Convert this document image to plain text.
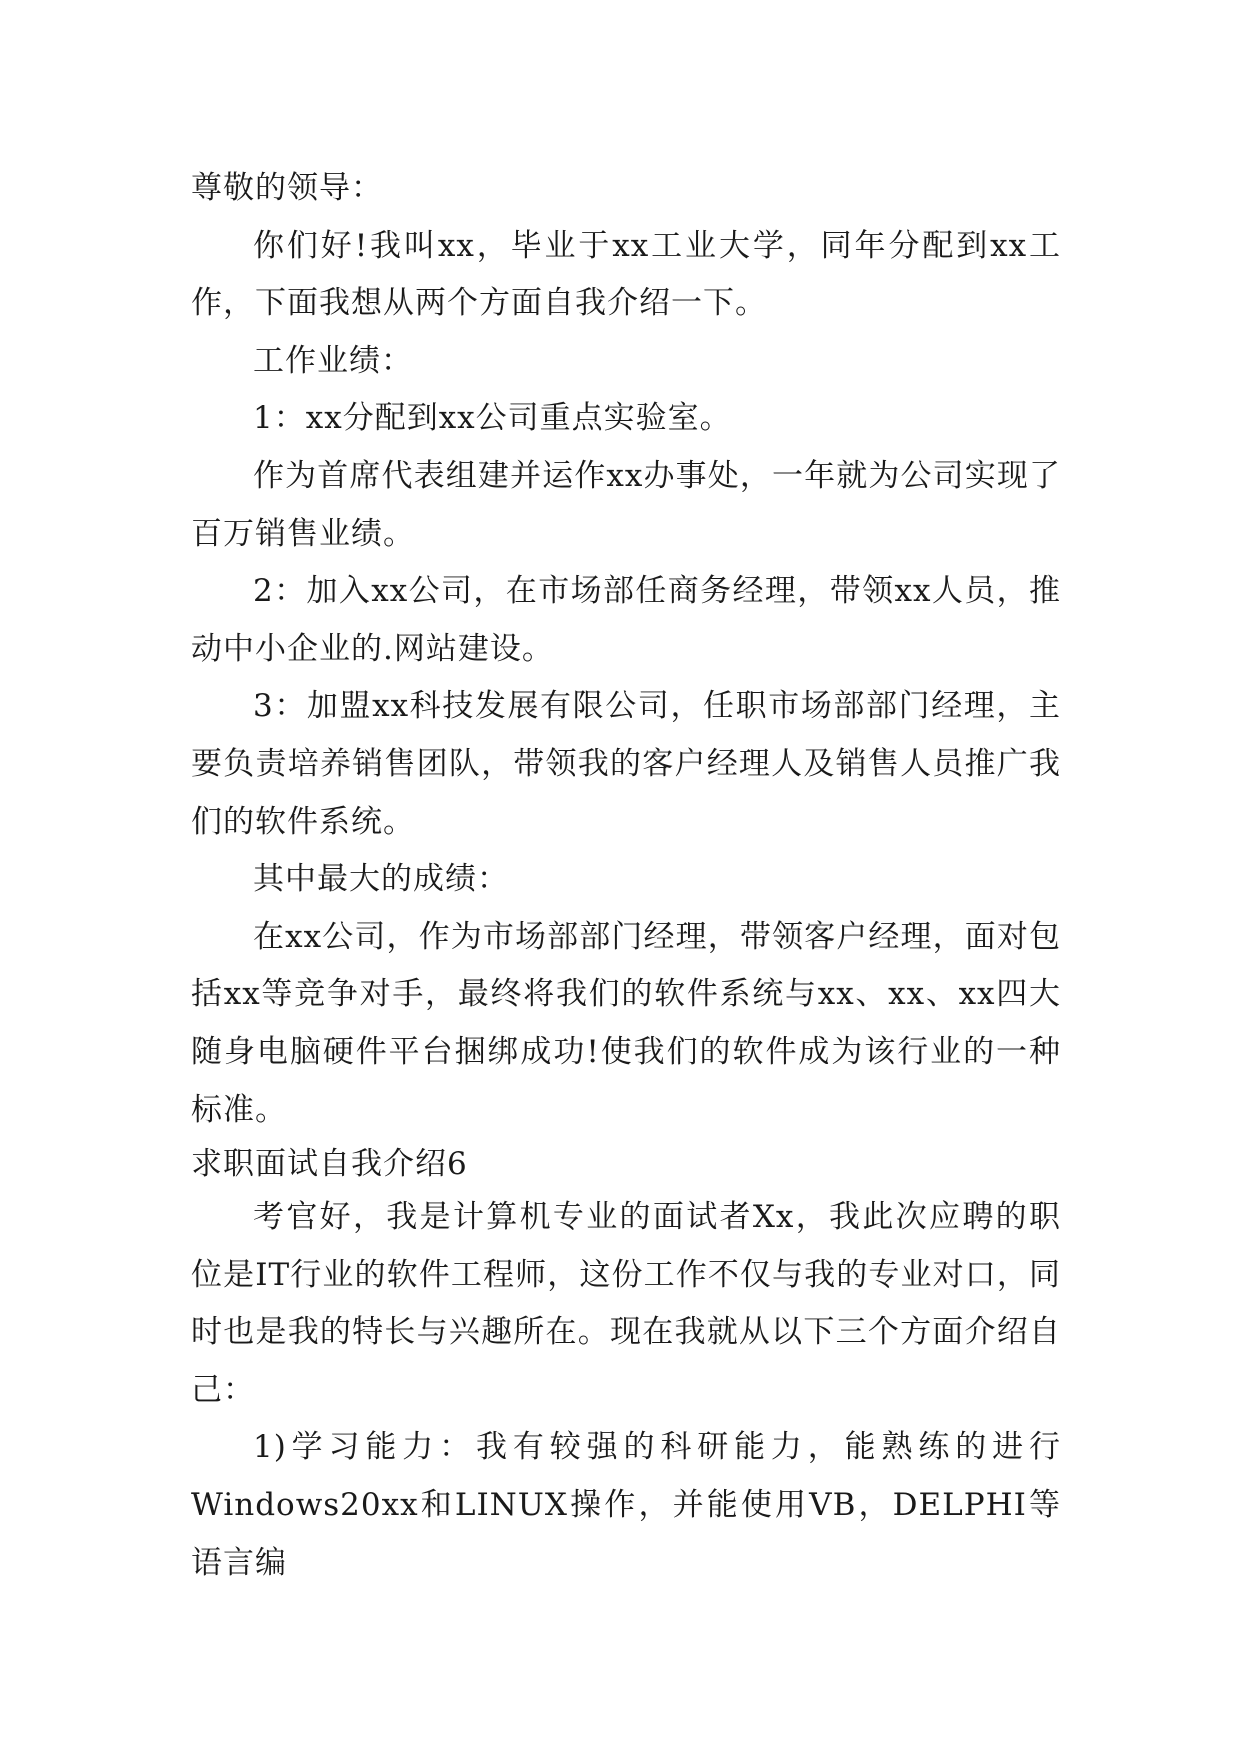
尊敬的领导：

你们好!我叫xx，毕业于xx工业大学，同年分配到xx工作，下面我想从两个方面自我介绍一下。

工作业绩：

1：xx分配到xx公司重点实验室。

作为首席代表组建并运作xx办事处，一年就为公司实现了百万销售业绩。

2：加入xx公司，在市场部任商务经理，带领xx人员，推动中小企业的.网站建设。

3：加盟xx科技发展有限公司，任职市场部部门经理，主要负责培养销售团队，带领我的客户经理人及销售人员推广我们的软件系统。

其中最大的成绩：

在xx公司，作为市场部部门经理，带领客户经理，面对包括xx等竞争对手，最终将我们的软件系统与xx、xx、xx四大随身电脑硬件平台捆绑成功!使我们的软件成为该行业的一种标准。

求职面试自我介绍6

考官好，我是计算机专业的面试者Xx，我此次应聘的职位是IT行业的软件工程师，这份工作不仅与我的专业对口，同时也是我的特长与兴趣所在。现在我就从以下三个方面介绍自己：

1)学习能力：我有较强的科研能力，能熟练的进行Windows20xx和LINUX操作，并能使用VB，DELPHI等语言编
